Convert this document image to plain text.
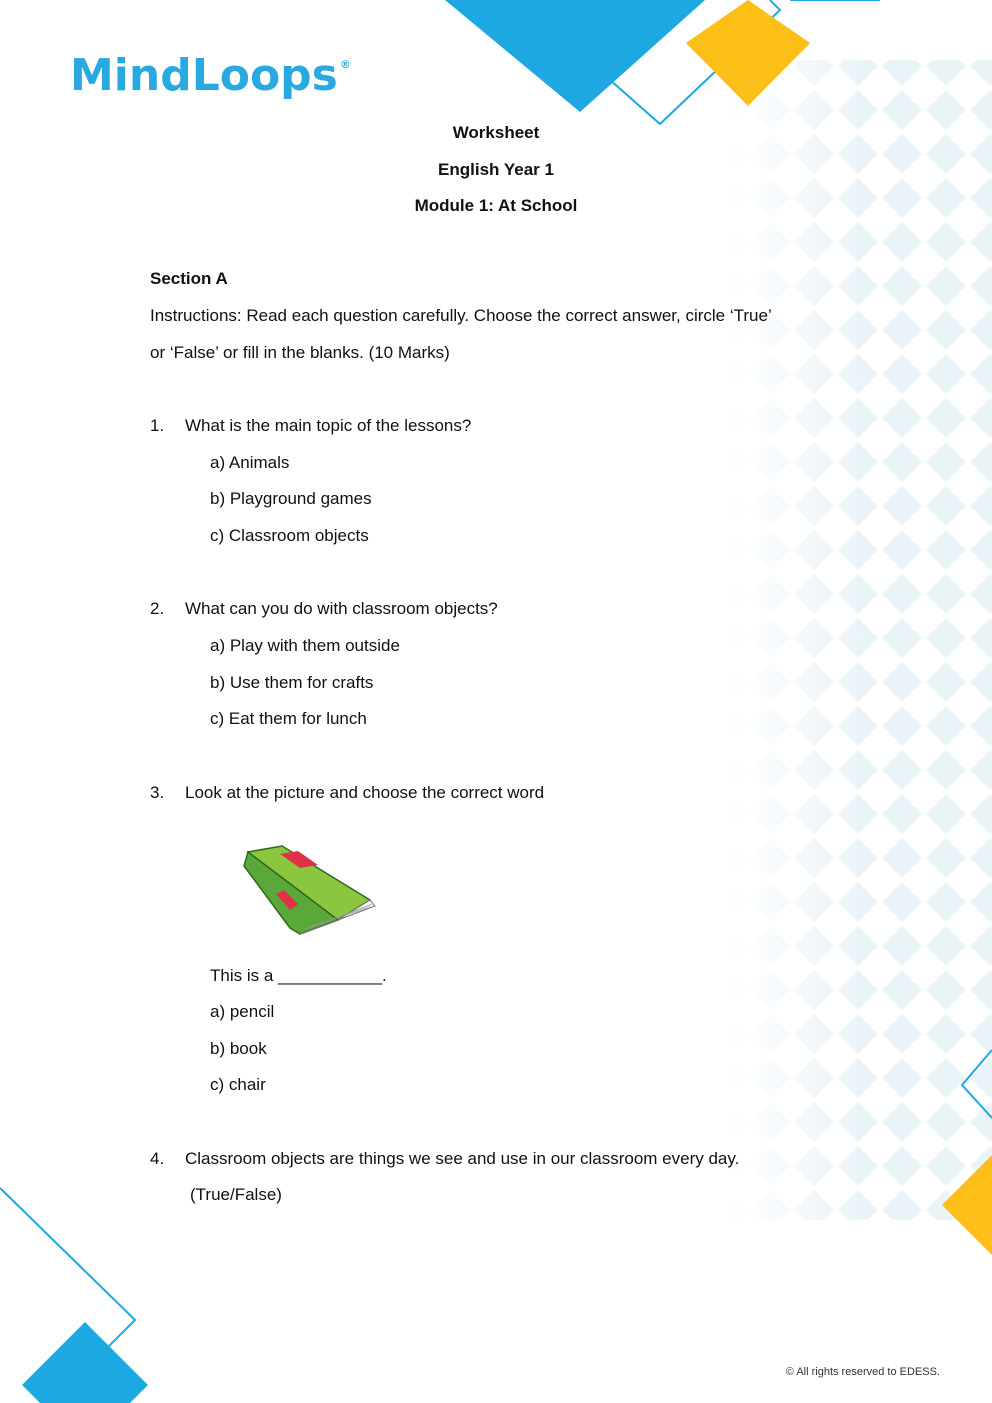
MindLoops ®
Worksheet
English Year 1
Module 1: At School
Section A
Instructions: Read each question carefully. Choose the correct answer, circle ‘True’
or ‘False’ or fill in the blanks. (10 Marks)
1. What is the main topic of the lessons?
a) Animals
b) Playground games
c) Classroom objects
2. What can you do with classroom objects?
a) Play with them outside
b) Use them for crafts
c) Eat them for lunch
3. Look at the picture and choose the correct word
This is a ___________.
a) pencil
b) book
c) chair
4. Classroom objects are things we see and use in our classroom every day.
(True/False)
© All rights reserved to EDESS.
